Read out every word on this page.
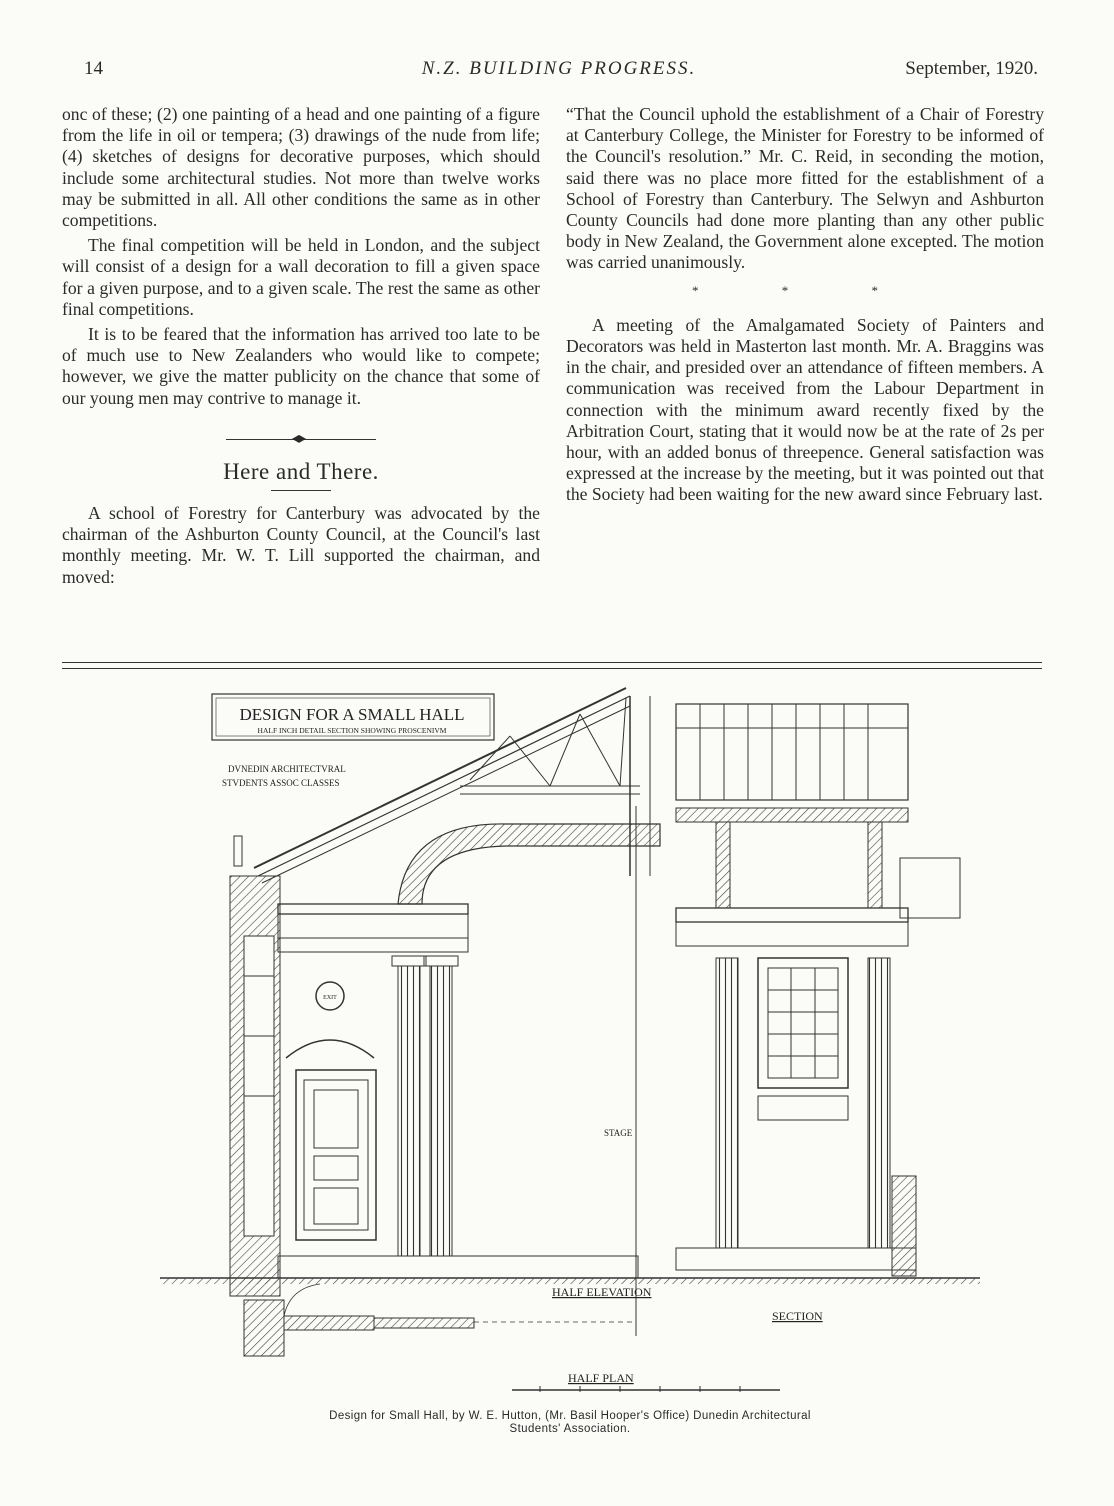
14	N.Z. BUILDING PROGRESS.	September, 1920.

onc of these; (2) one painting of a head and one painting of a figure from the life in oil or tempera; (3) drawings of the nude from life; (4) sketches of designs for decorative purposes, which should include some architectural studies. Not more than twelve works may be submitted in all. All other conditions the same as in other competitions.

The final competition will be held in London, and the subject will consist of a design for a wall decoration to fill a given space for a given purpose, and to a given scale. The rest the same as other final competitions.

It is to be feared that the information has arrived too late to be of much use to New Zealanders who would like to compete; however, we give the matter publicity on the chance that some of our young men may contrive to manage it.

Here and There.

A school of Forestry for Canterbury was advocated by the chairman of the Ashburton County Council, at the Council's last monthly meeting. Mr. W. T. Lill supported the chairman, and moved:

“That the Council uphold the establishment of a Chair of Forestry at Canterbury College, the Minister for Forestry to be informed of the Council's resolution.” Mr. C. Reid, in seconding the motion, said there was no place more fitted for the establishment of a School of Forestry than Canterbury. The Selwyn and Ashburton County Councils had done more planting than any other public body in New Zealand, the Government alone excepted. The motion was carried unanimously.

* * *

A meeting of the Amalgamated Society of Painters and Decorators was held in Masterton last month. Mr. A. Braggins was in the chair, and presided over an attendance of fifteen members. A communication was received from the Labour Department in connection with the minimum award recently fixed by the Arbitration Court, stating that it would now be at the rate of 2s per hour, with an added bonus of threepence. General satisfaction was expressed at the increase by the meeting, but it was pointed out that the Society had been waiting for the new award since February last.

DESIGN FOR A SMALL HALL
HALF INCH DETAIL SECTION SHOWING PROSCENIVM
DVNEDIN ARCHITECTVRAL
STVDENTS ASSOC CLASSES
EXIT
STAGE
SECTION
HALF ELEVATION
HALF PLAN
Design for Small Hall, by W. E. Hutton, (Mr. Basil Hooper's Office) Dunedin Architectural
Students' Association.
